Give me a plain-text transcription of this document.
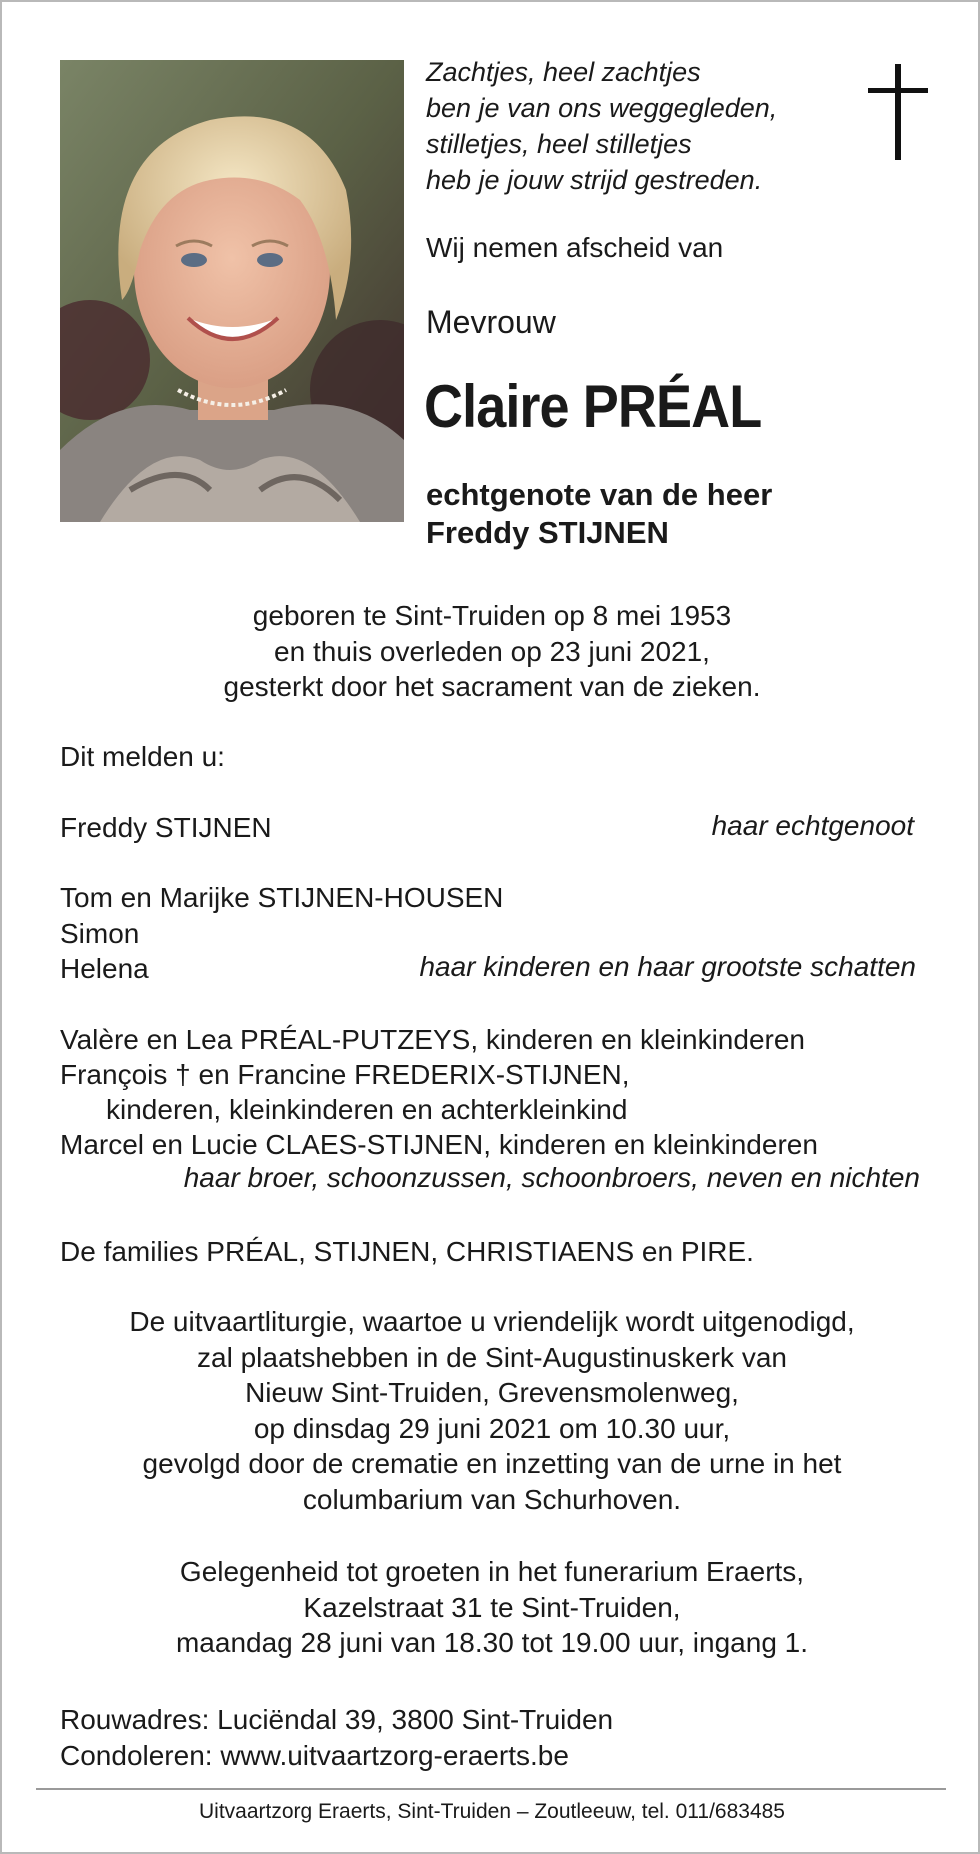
Zachtjes, heel zachtjes
ben je van ons weggegleden,
stilletjes, heel stilletjes
heb je jouw strijd gestreden.
Wij nemen afscheid van
Mevrouw
Claire PRÉAL
echtgenote van de heer
Freddy STIJNEN
geboren te Sint-Truiden op 8 mei 1953
en thuis overleden op 23 juni 2021,
gesterkt door het sacrament van de zieken.
Dit melden u:
Freddy STIJNEN	haar echtgenoot
Tom en Marijke STIJNEN-HOUSEN
Simon
Helena	haar kinderen en haar grootste schatten
Valère en Lea PRÉAL-PUTZEYS, kinderen en kleinkinderen
François † en Francine FREDERIX-STIJNEN,
kinderen, kleinkinderen en achterkleinkind
Marcel en Lucie CLAES-STIJNEN, kinderen en kleinkinderen
haar broer, schoonzussen, schoonbroers, neven en nichten
De families PRÉAL, STIJNEN, CHRISTIAENS en PIRE.
De uitvaartliturgie, waartoe u vriendelijk wordt uitgenodigd,
zal plaatshebben in de Sint-Augustinuskerk van
Nieuw Sint-Truiden, Grevensmolenweg,
op dinsdag 29 juni 2021 om 10.30 uur,
gevolgd door de crematie en inzetting van de urne in het
columbarium van Schurhoven.
Gelegenheid tot groeten in het funerarium Eraerts,
Kazelstraat 31 te Sint-Truiden,
maandag 28 juni van 18.30 tot 19.00 uur, ingang 1.
Rouwadres: Luciëndal 39, 3800 Sint-Truiden
Condoleren: www.uitvaartzorg-eraerts.be
Uitvaartzorg Eraerts, Sint-Truiden – Zoutleeuw, tel. 011/683485
